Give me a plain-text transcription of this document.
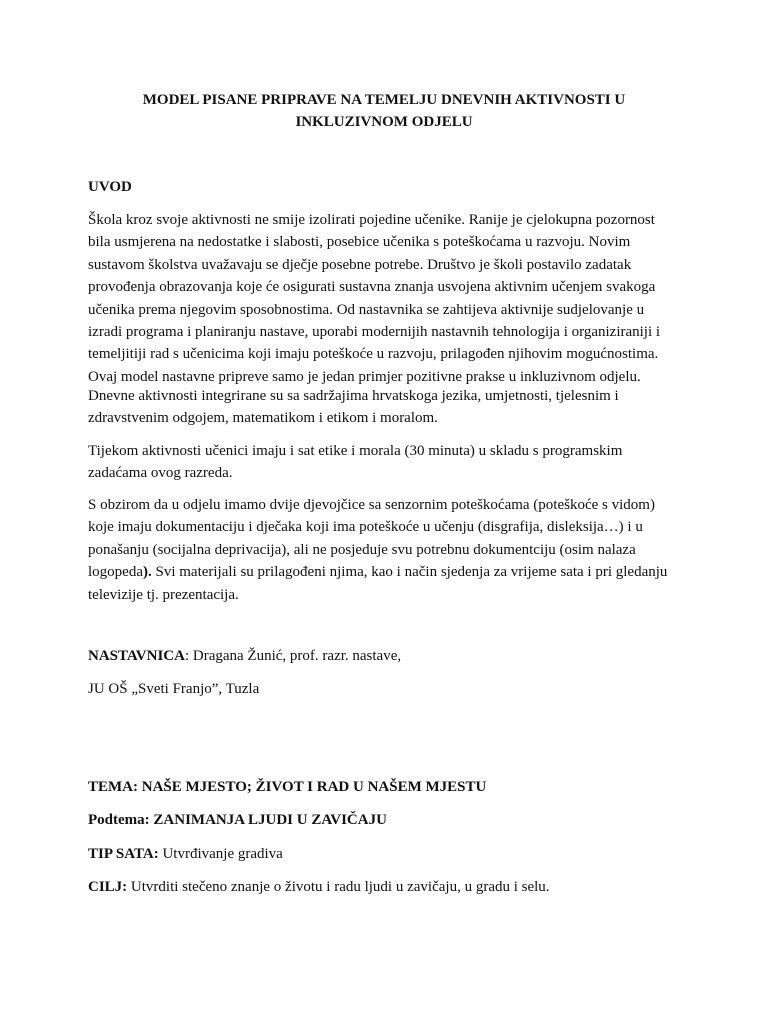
MODEL PISANE PRIPRAVE NA TEMELJU DNEVNIH AKTIVNOSTI U
INKLUZIVNOM ODJELU
UVOD
Škola kroz svoje aktivnosti ne smije izolirati pojedine učenike. Ranije je cjelokupna pozornost
bila usmjerena na nedostatke i slabosti, posebice učenika s poteškoćama u razvoju. Novim
sustavom školstva uvažavaju se dječje posebne potrebe. Društvo je školi postavilo zadatak
provođenja obrazovanja koje će osigurati sustavna znanja usvojena aktivnim učenjem svakoga
učenika prema njegovim sposobnostima. Od nastavnika se zahtijeva aktivnije sudjelovanje u
izradi programa i planiranju nastave, uporabi modernijih nastavnih tehnologija i organiziraniji i
temeljitiji rad s učenicima koji imaju poteškoće u razvoju, prilagođen njihovim mogućnostima.
Ovaj model nastavne pripreve samo je jedan primjer pozitivne prakse u inkluzivnom odjelu.
Dnevne aktivnosti integrirane su sa sadržajima hrvatskoga jezika, umjetnosti, tjelesnim i
zdravstvenim odgojem, matematikom i etikom i moralom.
Tijekom aktivnosti učenici imaju i sat etike i morala (30 minuta) u skladu s programskim
zadaćama ovog razreda.
S obzirom da u odjelu imamo dvije djevojčice sa senzornim poteškoćama (poteškoće s vidom)
koje imaju dokumentaciju i dječaka koji ima poteškoće u učenju (disgrafija, disleksija…) i u
ponašanju (socijalna deprivacija), ali ne posjeduje svu potrebnu dokumentciju (osim nalaza
logopeda). Svi materijali su prilagođeni njima, kao i način sjedenja za vrijeme sata i pri gledanju
televizije tj. prezentacija.
NASTAVNICA: Dragana Žunić, prof. razr. nastave,
JU OŠ „Sveti Franjo”, Tuzla
TEMA: NAŠE MJESTO; ŽIVOT I RAD U NAŠEM MJESTU
Podtema: ZANIMANJA LJUDI U ZAVIČAJU
TIP SATA: Utvrđivanje gradiva
CILJ: Utvrditi stečeno znanje o životu i radu ljudi u zavičaju, u gradu i selu.
